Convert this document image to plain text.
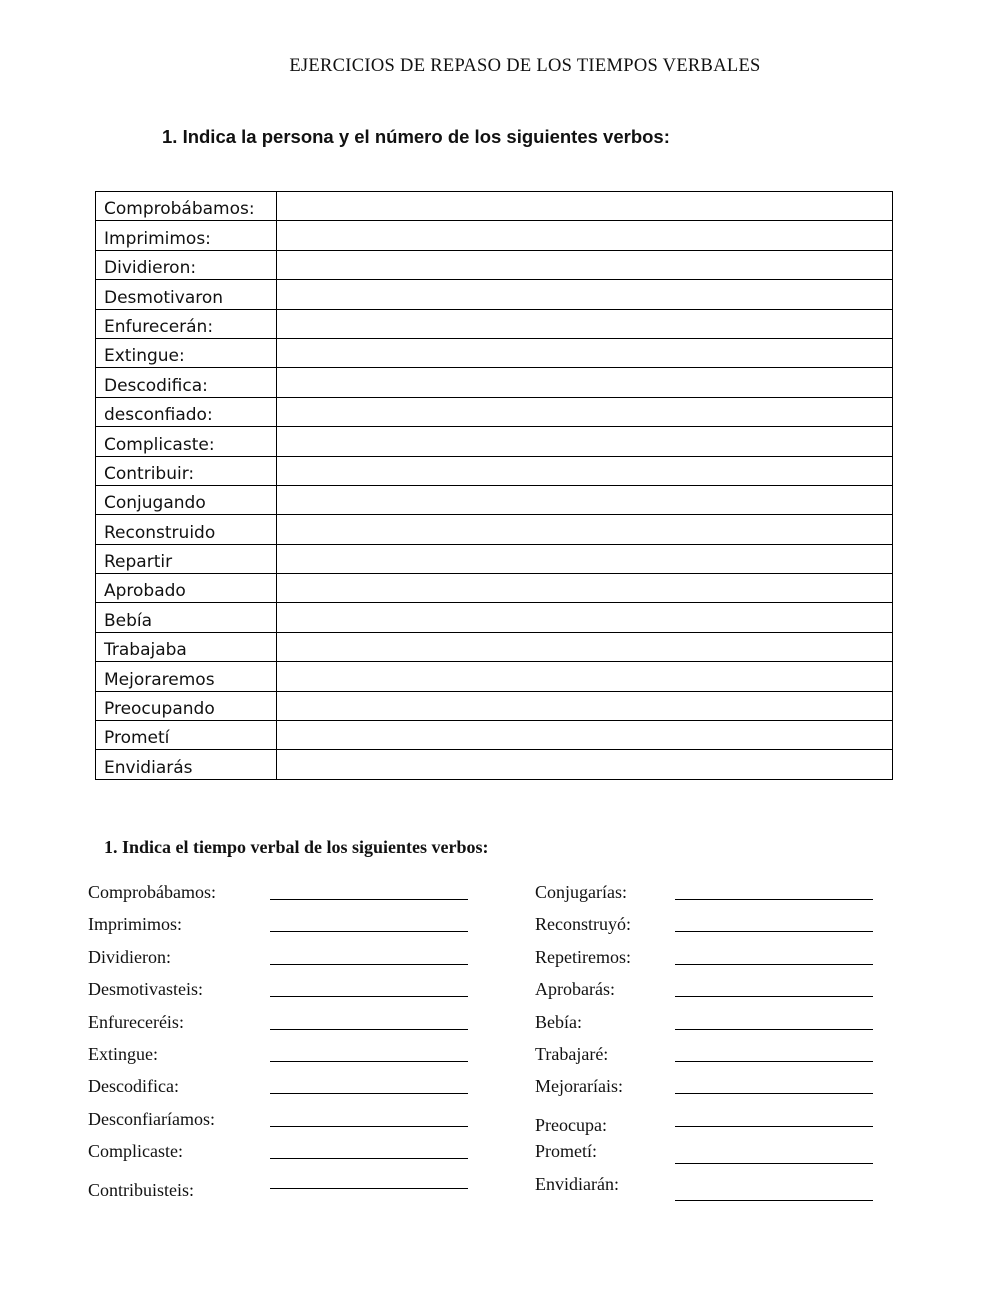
EJERCICIOS DE REPASO DE LOS TIEMPOS VERBALES
1. Indica la persona y el número de los siguientes verbos:
Comprobábamos:	
Imprimimos:	
Dividieron:	
Desmotivaron	
Enfurecerán:	
Extingue:	
Descodifica:	
desconfiado:	
Complicaste:	
Contribuir:	
Conjugando	
Reconstruido	
Repartir	
Aprobado	
Bebía	
Trabajaba	
Mejoraremos	
Preocupando	
Prometí	
Envidiarás	
1. Indica el tiempo verbal de los siguientes verbos:
Comprobábamos:
Imprimimos:
Dividieron:
Desmotivasteis:
Enfureceréis:
Extingue:
Descodifica:
Desconfiaríamos:
Complicaste:
Contribuisteis:
Conjugarías:
Reconstruyó:
Repetiremos:
Aprobarás:
Bebía:
Trabajaré:
Mejoraríais:
Preocupa:
Prometí:
Envidiarán:
